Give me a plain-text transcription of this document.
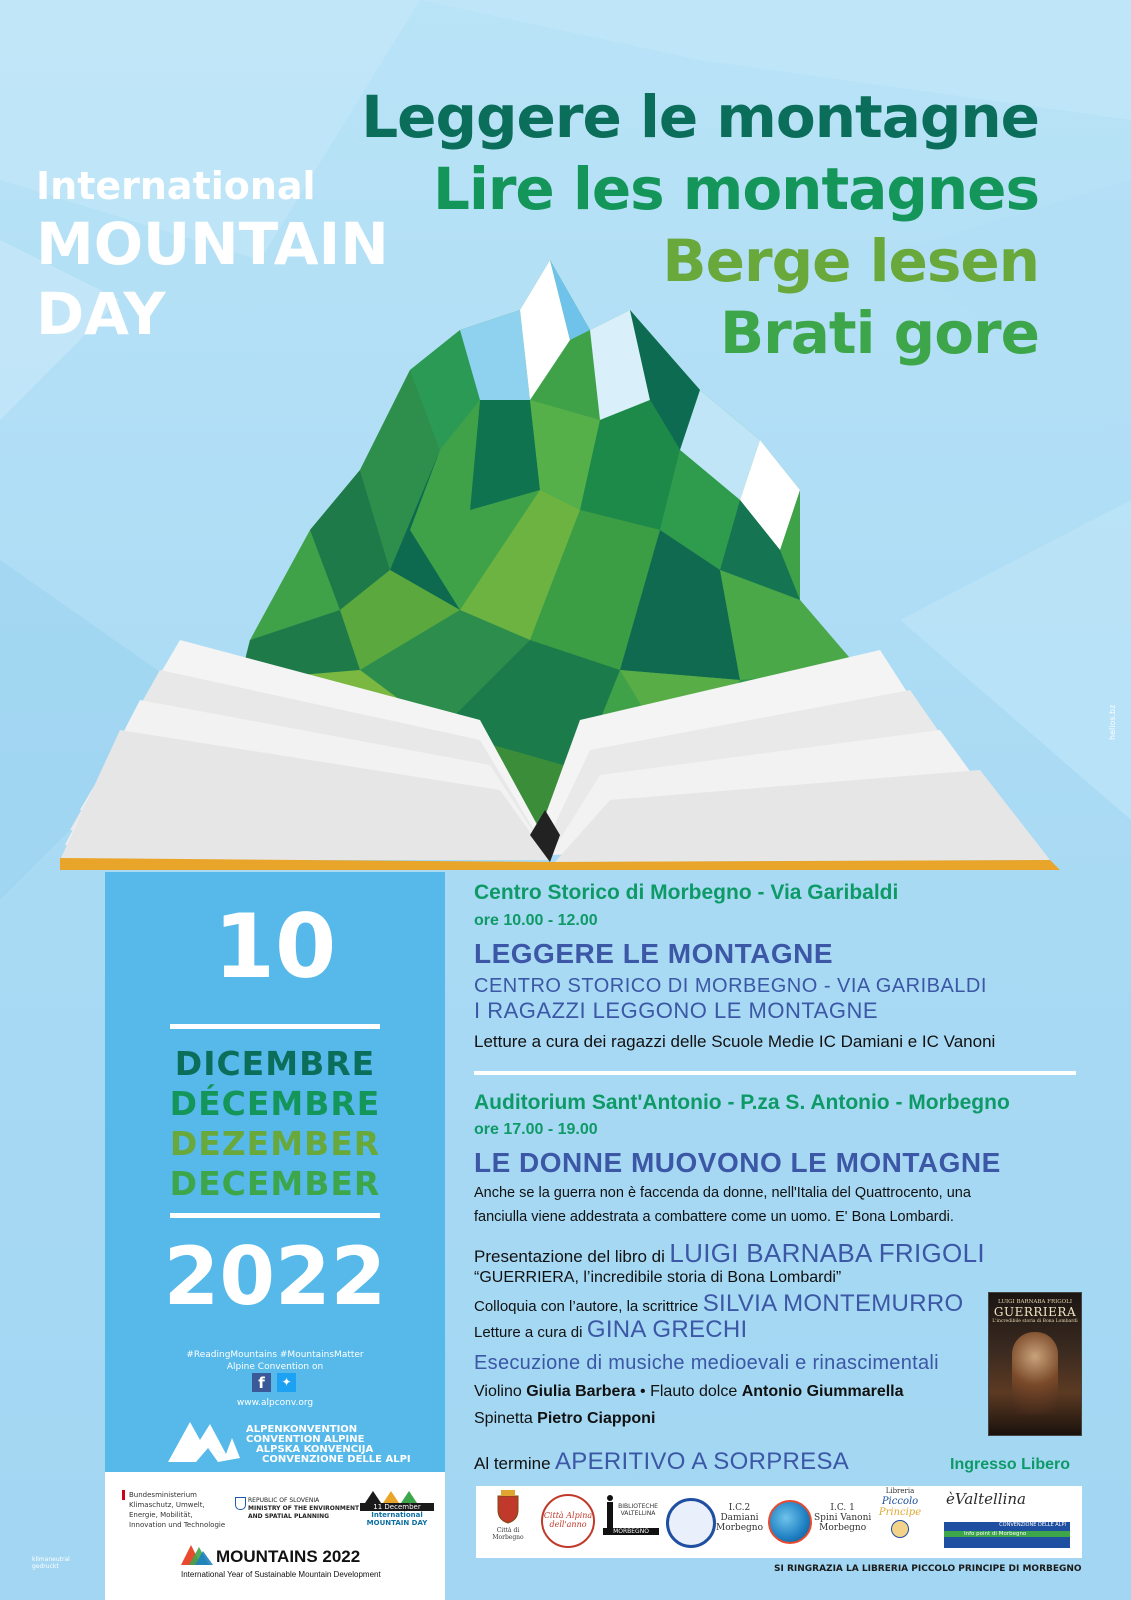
Leggere le montagne
Lire les montagnes
Berge lesen
Brati gore
International
MOUNTAIN
DAY
10
DICEMBRE
DÉCEMBRE
DEZEMBER
DECEMBER
2022
#ReadingMountains #MountainsMatter
Alpine Convention on
f	✦
www.alpconv.org
ALPENKONVENTION
CONVENTION ALPINE
ALPSKA KONVENCIJA
CONVENZIONE DELLE ALPI
Bundesministerium
Klimaschutz, Umwelt,
Energie, Mobilität,
Innovation und Technologie
REPUBLIC OF SLOVENIA
MINISTRY OF THE ENVIRONMENT
AND SPATIAL PLANNING
11 December
International
MOUNTAIN DAY
MOUNTAINS 2022
International Year of Sustainable Mountain Development
klimaneutral gedruckt
helios.bz
Centro Storico di Morbegno - Via Garibaldi
ore 10.00 - 12.00
LEGGERE LE MONTAGNE
CENTRO STORICO DI MORBEGNO - VIA GARIBALDI
I RAGAZZI LEGGONO LE MONTAGNE
Letture a cura dei ragazzi delle Scuole Medie IC Damiani e IC Vanoni
Auditorium Sant'Antonio - P.za S. Antonio - Morbegno
ore 17.00 - 19.00
LE DONNE MUOVONO LE MONTAGNE
Anche se la guerra non è faccenda da donne, nell'Italia del Quattrocento, una
fanciulla viene addestrata a combattere come un uomo. E' Bona Lombardi.
Presentazione del libro di LUIGI BARNABA FRIGOLI
“GUERRIERA, l’incredibile storia di Bona Lombardi”
Colloquia con l’autore, la scrittrice SILVIA MONTEMURRO
Letture a cura di GINA GRECHI
Esecuzione di musiche medioevali e rinascimentali
Violino Giulia Barbera • Flauto dolce Antonio Giummarella
Spinetta Pietro Ciapponi
Al termine APERITIVO A SORPRESA	Ingresso Libero
LUIGI BARNABA FRIGOLI
GUERRIERA
L'incredibile storia di Bona Lombardi
Città di Morbegno
Città Alpina dell'anno
BIBLIOTECHE VALTELLINA
MORBEGNO
I.C.2
Damiani
Morbegno
I.C. 1
Spini Vanoni
Morbegno
Libreria
Piccolo
Principe
èValtellina
CONVENZIONE DELLE ALPI
Info point di Morbegno
SI RINGRAZIA LA LIBRERIA PICCOLO PRINCIPE DI MORBEGNO
